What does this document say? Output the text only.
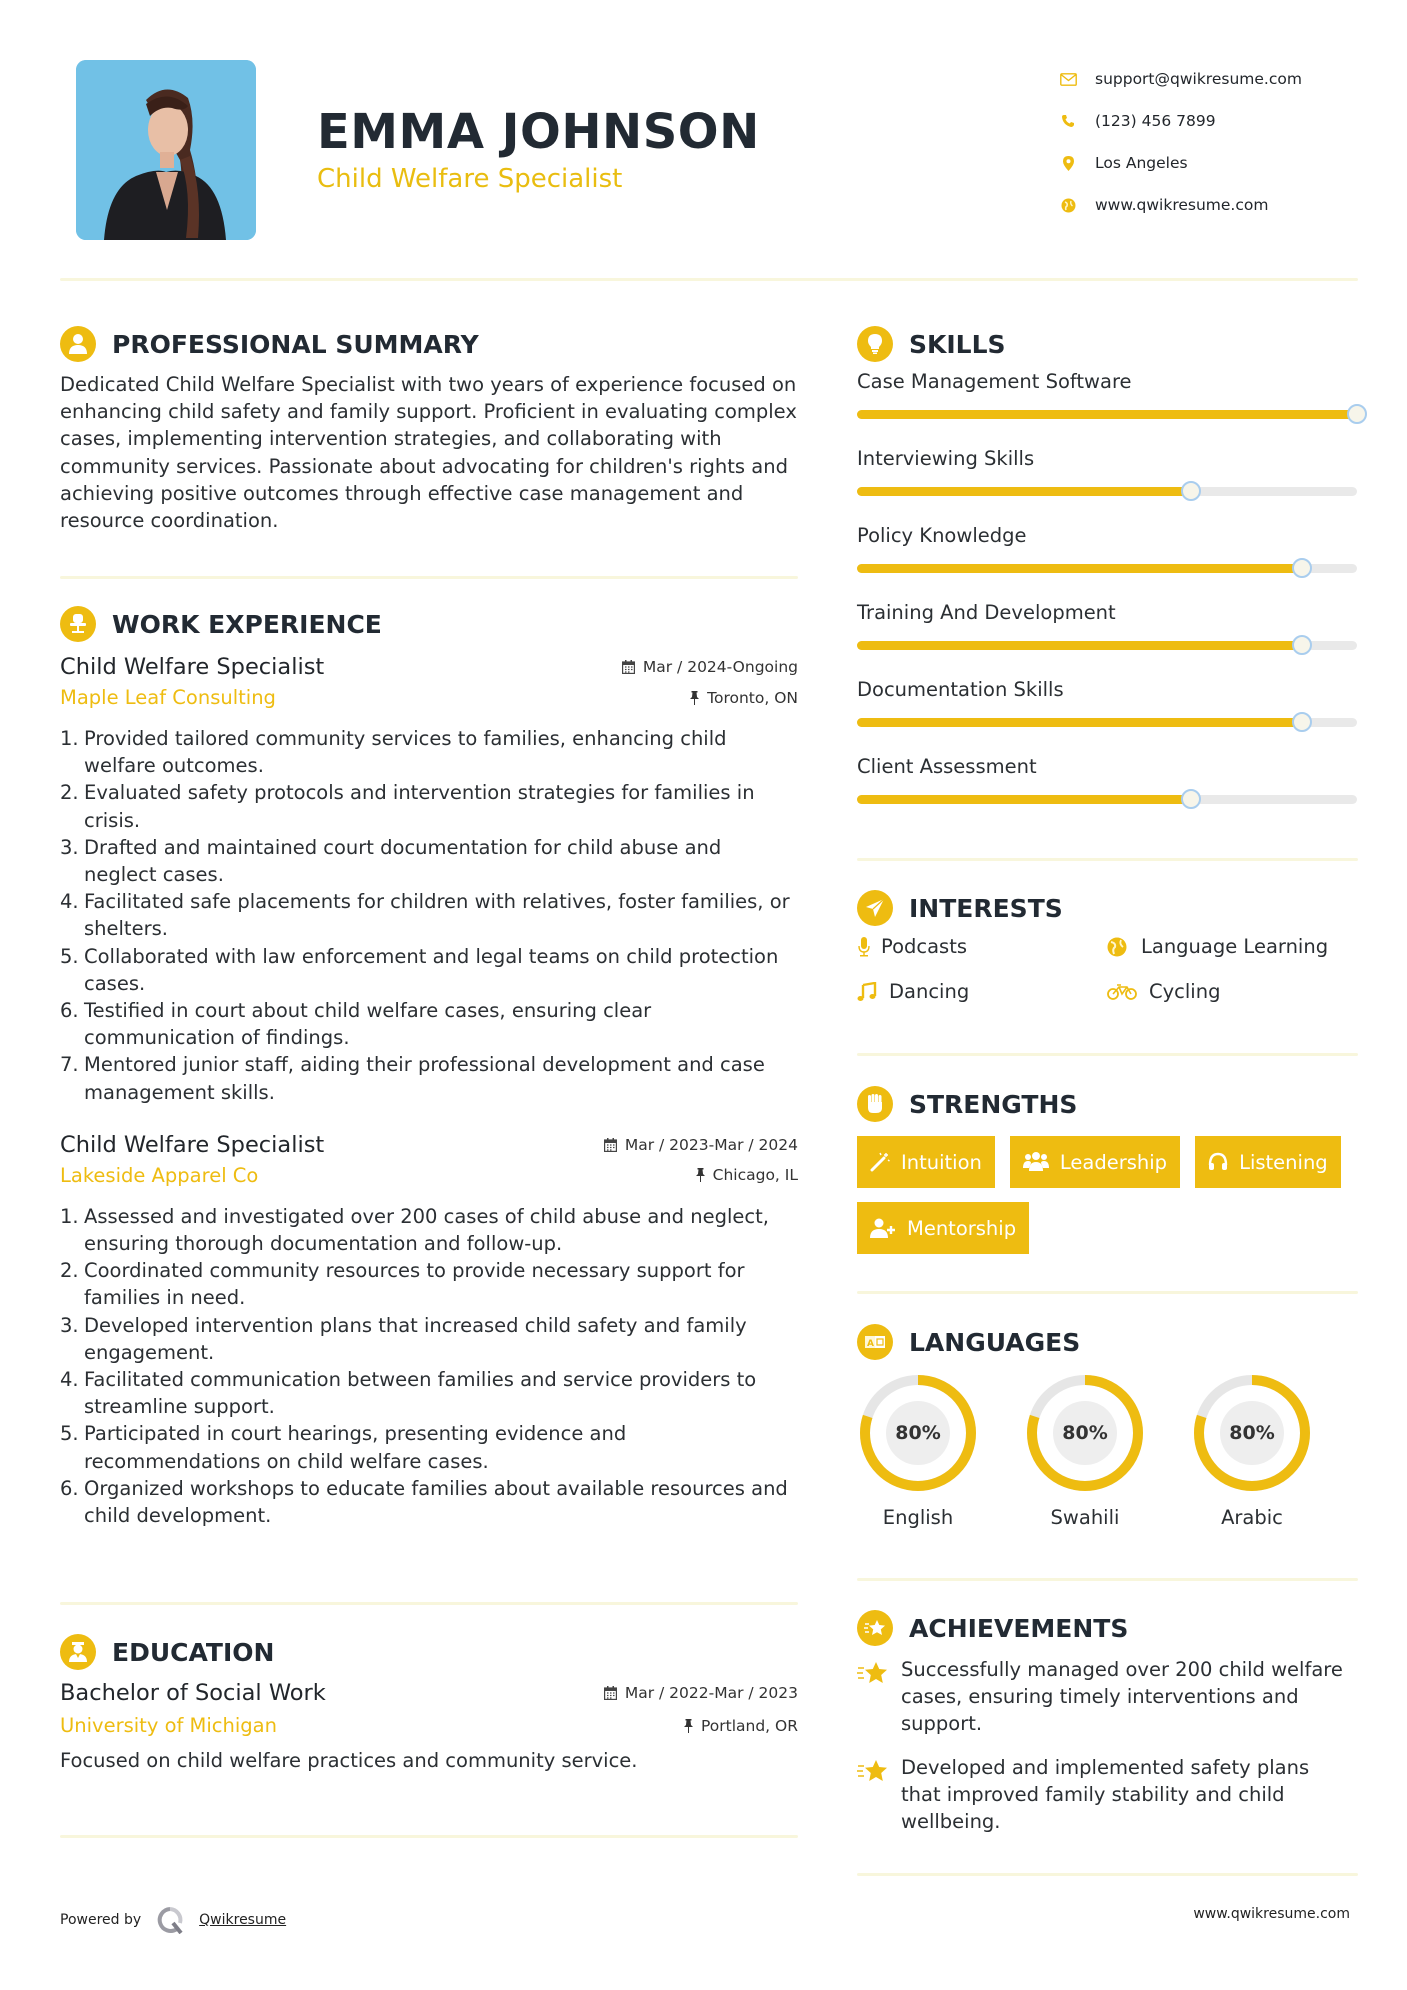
EMMA JOHNSON
Child Welfare Specialist
support@qwikresume.com
(123) 456 7899
Los Angeles
www.qwikresume.com
PROFESSIONAL SUMMARY

Dedicated Child Welfare Specialist with two years of experience focused on enhancing child safety and family support. Proficient in evaluating complex cases, implementing intervention strategies, and collaborating with community services. Passionate about advocating for children's rights and achieving positive outcomes through effective case management and resource coordination.

WORK EXPERIENCE
Child Welfare Specialist	Mar / 2024-Ongoing
Maple Leaf Consulting	Toronto, ON
1. Provided tailored community services to families, enhancing child welfare outcomes.
2. Evaluated safety protocols and intervention strategies for families in crisis.
3. Drafted and maintained court documentation for child abuse and neglect cases.
4. Facilitated safe placements for children with relatives, foster families, or shelters.
5. Collaborated with law enforcement and legal teams on child protection cases.
6. Testified in court about child welfare cases, ensuring clear communication of findings.
7. Mentored junior staff, aiding their professional development and case management skills.
Child Welfare Specialist	Mar / 2023-Mar / 2024
Lakeside Apparel Co	Chicago, IL
1. Assessed and investigated over 200 cases of child abuse and neglect, ensuring thorough documentation and follow-up.
2. Coordinated community resources to provide necessary support for families in need.
3. Developed intervention plans that increased child safety and family engagement.
4. Facilitated communication between families and service providers to streamline support.
5. Participated in court hearings, presenting evidence and recommendations on child welfare cases.
6. Organized workshops to educate families about available resources and child development.
EDUCATION
Bachelor of Social Work	Mar / 2022-Mar / 2023
University of Michigan	Portland, OR

Focused on child welfare practices and community service.

SKILLS
Case Management Software
Interviewing Skills
Policy Knowledge
Training And Development
Documentation Skills
Client Assessment
INTERESTS
Podcasts	Language Learning
Dancing	Cycling
STRENGTHS
Intuition	Leadership	Listening
Mentorship
A LANGUAGES
80%
English
80%
Swahili
80%
Arabic
ACHIEVEMENTS
Successfully managed over 200 child welfare cases, ensuring timely interventions and support.
Developed and implemented safety plans that improved family stability and child wellbeing.
Powered by	Qwikresume	www.qwikresume.com
